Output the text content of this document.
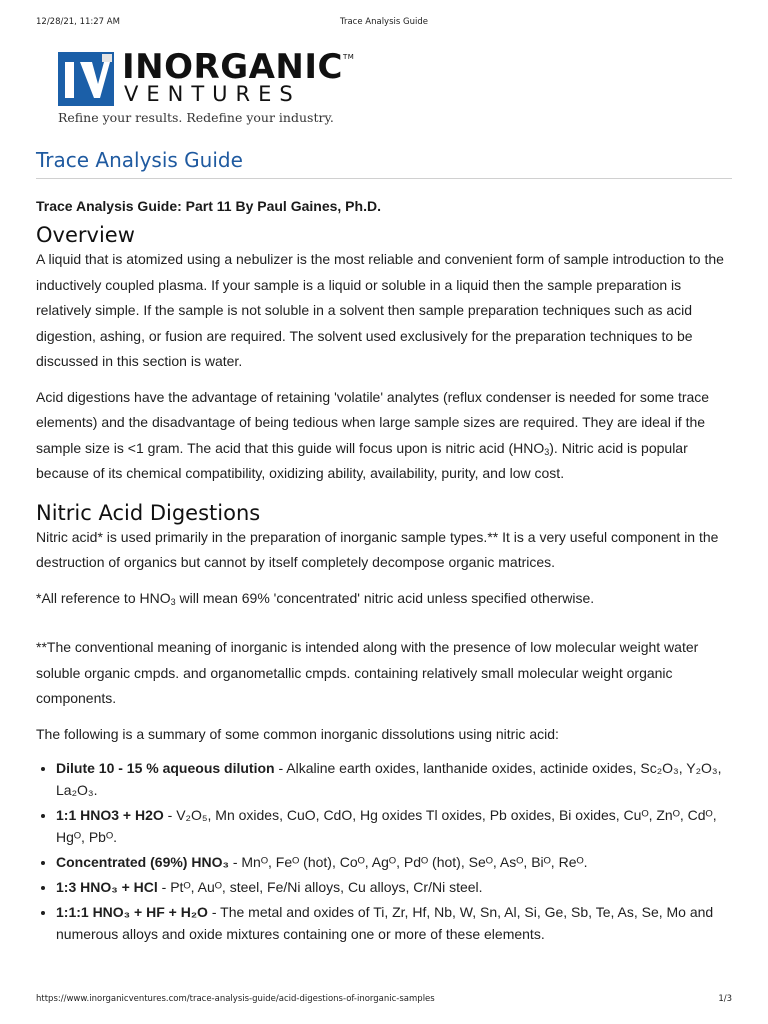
12/28/21, 11:27 AM	Trace Analysis Guide
INORGANIC™
VENTURES
Refine your results. Redefine your industry.
Trace Analysis Guide
Trace Analysis Guide: Part 11 By Paul Gaines, Ph.D.
Overview

A liquid that is atomized using a nebulizer is the most reliable and convenient form of sample introduction to the inductively coupled plasma. If your sample is a liquid or soluble in a liquid then the sample preparation is relatively simple. If the sample is not soluble in a solvent then sample preparation techniques such as acid digestion, ashing, or fusion are required. The solvent used exclusively for the preparation techniques to be discussed in this section is water.

Acid digestions have the advantage of retaining 'volatile' analytes (reflux condenser is needed for some trace elements) and the disadvantage of being tedious when large sample sizes are required. They are ideal if the sample size is <1 gram. The acid that this guide will focus upon is nitric acid $(HNO_3)$. Nitric acid is popular because of its chemical compatibility, oxidizing ability, availability, purity, and low cost.

Nitric Acid Digestions

Nitric acid* is used primarily in the preparation of inorganic sample types.** It is a very useful component in the destruction of organics but cannot by itself completely decompose organic matrices.

*All reference to $HNO_3$ will mean 69% 'concentrated' nitric acid unless specified otherwise.

**The conventional meaning of inorganic is intended along with the presence of low molecular weight water soluble organic cmpds. and organometallic cmpds. containing relatively small molecular weight organic components.

The following is a summary of some common inorganic dissolutions using nitric acid:

• Dilute 10 - 15 % aqueous dilution - Alkaline earth oxides, lanthanide oxides, actinide oxides, Sc₂O₃, Y₂O₃, La₂O₃.
• 1:1 HNO3 + H2O - V₂O₅, Mn oxides, CuO, CdO, Hg oxides Tl oxides, Pb oxides, Bi oxides, Cuᴼ, Znᴼ, Cdᴼ, Hgᴼ, Pbᴼ.
• Concentrated (69%) HNO₃ - Mnᴼ, Feᴼ (hot), Coᴼ, Agᴼ, Pdᴼ (hot), Seᴼ, Asᴼ, Biᴼ, Reᴼ.
• 1:3 HNO₃ + HCl - Ptᴼ, Auᴼ, steel, Fe/Ni alloys, Cu alloys, Cr/Ni steel.
• 1:1:1 HNO₃ + HF + H₂O - The metal and oxides of Ti, Zr, Hf, Nb, W, Sn, Al, Si, Ge, Sb, Te, As, Se, Mo and numerous alloys and oxide mixtures containing one or more of these elements.
https://www.inorganicventures.com/trace-analysis-guide/acid-digestions-of-inorganic-samples	1/3
